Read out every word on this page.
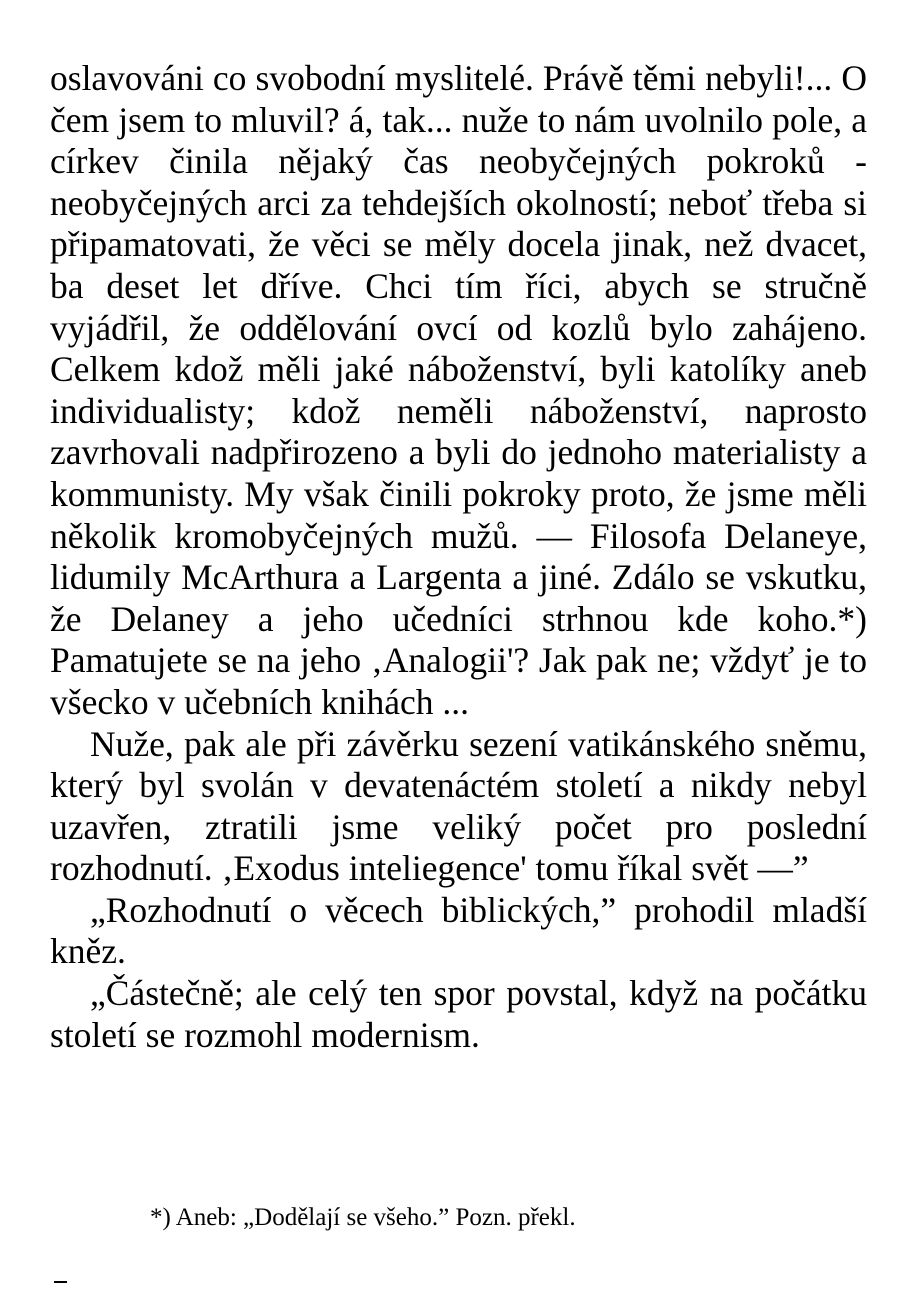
oslavováni co svobodní myslitelé. Právě těmi nebyli!... O čem jsem to mluvil? á, tak... nuže to nám uvolnilo pole, a církev činila nějaký čas neobyčejných pokroků - neobyčejných arci za tehdejších okolností; neboť třeba si připamatovati, že věci se měly docela jinak, než dvacet, ba deset let dříve. Chci tím říci, abych se stručně vyjádřil, že oddělování ovcí od kozlů bylo zahájeno. Celkem kdož měli jaké náboženství, byli katolíky aneb individualisty; kdož neměli náboženství, naprosto zavrhovali nadpřirozeno a byli do jednoho materialisty a kommunisty. My však činili pokroky proto, že jsme měli několik kromobyčejných mužů. — Filosofa Delaneye, lidumily McArthura a Largenta a jiné. Zdálo se vskutku, že Delaney a jeho učedníci strhnou kde koho.*) Pamatujete se na jeho ‚Analogii'? Jak pak ne; vždyť je to všecko v učebních knihách ...

Nuže, pak ale při závěrku sezení vatikánského sněmu, který byl svolán v devatenáctém století a nikdy nebyl uzavřen, ztratili jsme veliký počet pro poslední rozhodnutí. ‚Exodus inteliegence' tomu říkal svět —”

„Rozhodnutí o věcech biblických,” prohodil mladší kněz.

„Částečně; ale celý ten spor povstal, když na počátku století se rozmohl modernism.

*) Aneb: „Dodělají se všeho.” Pozn. překl.
